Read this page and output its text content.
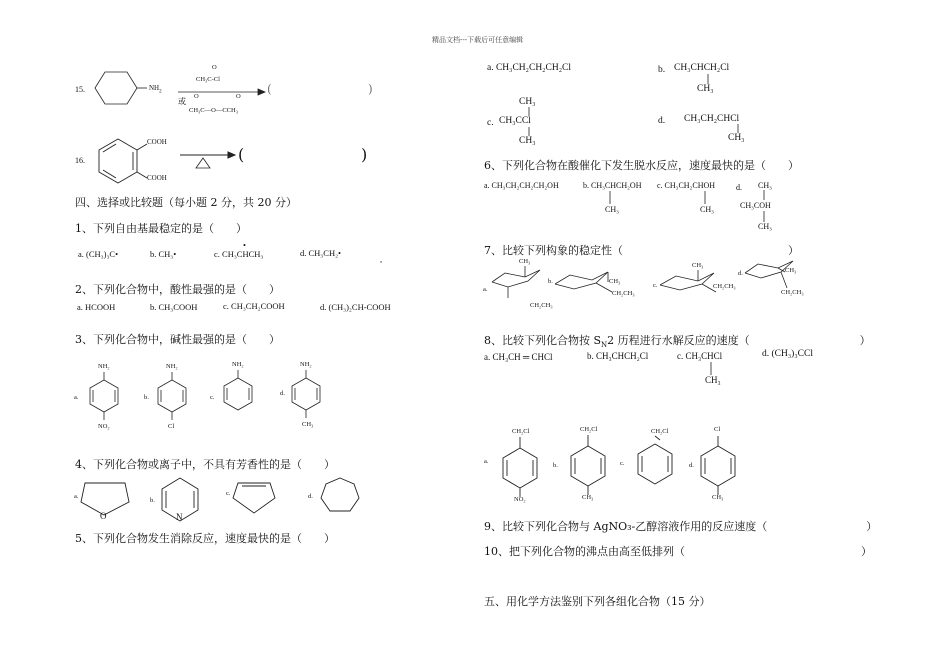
精品文档---下载后可任意编辑
15.	$NH_2$
O
CH₃C-Cl
或
O	O
CH₃C—O—CCH₃
(	)
16.
COOH
COOH
(	)
四、选择或比较题（每小题 2 分，共 20 分）
1、下列自由基最稳定的是（　　）
a. (CH₃)₃C•	b. CH₃•	c. CH₃CHCH₃
•
d. CH₃CH₂•
,
2、下列化合物中，酸性最强的是（　　）
a. HCOOH	b. CH₃COOH	c. CH₃CH₂COOH	d. (CH₃)₂CH-COOH
3、下列化合物中，碱性最强的是（　　）
a.	b.	c.
d.
NH₂	NH₂	NH₂	NH₂
NO₂	Cl	CH₃
4、下列化合物或离子中，不具有芳香性的是（　　）
a.
b.
c.	d.
O	N
5、下列化合物发生消除反应，速度最快的是（　　）
a. CH₃CH₂CH₂CH₂Cl	b. CH₃CHCH₂Cl
CH₃
CH₃
c. CH₃CCl
CH₃
d. CH₃CH₂CHCl
CH₃
6、下列化合物在酸催化下发生脱水反应，速度最快的是（　　）
a. CH₃CH₂CH₂CH₂OH	b. CH₃CHCH₂OH
CH₃
c. CH₃CH₂CHOH
CH₃
d. CH₃
CH₃COH
CH₃
7、比较下列构象的稳定性（　　　　　　　　　　　　　　　）
a.
b.
c.
d.
CH₃
CH₂CH₃
CH₃
CH₂CH₃
CH₃
CH₂CH₃
CH₃
CH₂CH₃
8、比较下列化合物按 $S_N2$ 历程进行水解反应的速度（　　　　　　　　　　）
a. CH₃CH ═ CHCl	b. CH₃CHCH₂Cl	c. CH₃CHCl
CH₃
d. (CH₃)₃CCl
a.
b.	c.	d.
CH₂Cl	CH₂Cl	CH₂Cl	Cl
NO₂	CH₃	CH₃
9、比较下列化合物与 AgNO₃-乙醇溶液作用的反应速度（　　　　　　　　　）
10、把下列化合物的沸点由高至低排列（　　　　　　　　　　　　　　　　）
五、用化学方法鉴别下列各组化合物（15 分）
